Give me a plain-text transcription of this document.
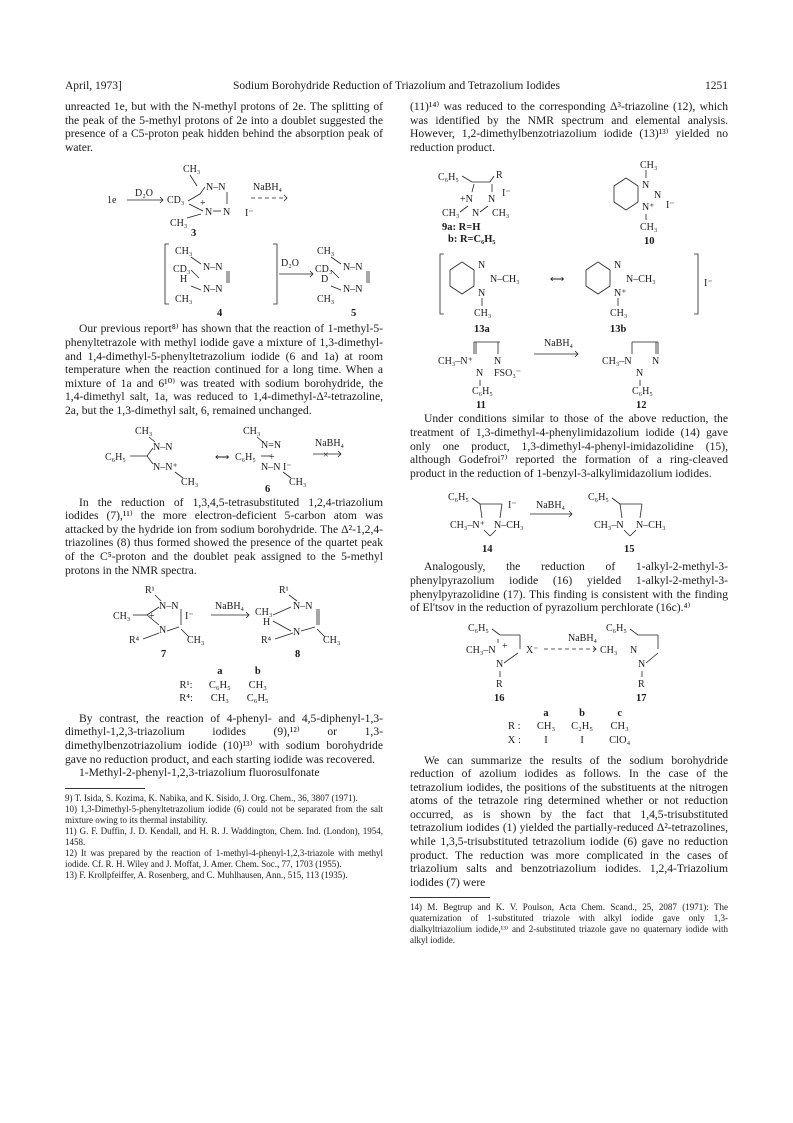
April, 1973]	Sodium Borohydride Reduction of Triazolium and Tetrazolium Iodides	1251

unreacted 1e, but with the N-methyl protons of 2e. The splitting of the peak of the 5-methyl protons of 2e into a doublet suggested the presence of a C5-proton peak hidden behind the absorption peak of water.

1e
D₂O
CD₃
CH₃
N–N
+
N N
CH₃
I⁻
NaBH₄
3
CH₃
N–N
CD₃
H
N–N
CH₃
D₂O
CH₃
N–N
CD₃
D
N–N
CH₃
4	5

Our previous report⁸⁾ has shown that the reaction of 1-methyl-5-phenyltetrazole with methyl iodide gave a mixture of 1,3-dimethyl- and 1,4-dimethyl-5-phenyltetrazolium iodide (6 and 1a) at room temperature when the reaction continued for a long time. When a mixture of 1a and 6¹⁰⁾ was treated with sodium borohydride, the 1,4-dimethyl salt, 1a, was reduced to 1,4-dimethyl-Δ²-tetrazoline, 2a, but the 1,3-dimethyl salt, 6, remained unchanged.

CH₃
N–N
C₆H₅
N–N⁺
CH₃
⟷
CH₃
N=N
C₆H₅ +
N–N I⁻
CH₃
NaBH₄
×
6

In the reduction of 1,3,4,5-tetrasubstituted 1,2,4-triazolium iodides (7),¹¹⁾ the more electron-deficient 5-carbon atom was attacked by the hydride ion from sodium borohydride. The Δ²-1,2,4-triazolines (8) thus formed showed the presence of the quartet peak of the C⁵-proton and the doublet peak assigned to the 5-methyl protons in the NMR spectra.

R¹
N–N
CH₃ +	I⁻
N
R⁴	CH₃
NaBH₄
R¹
N–N
CH₃
H
N
R⁴	CH₃
7	8
	a	b
R¹:	C₆H₅	CH₃
R⁴:	CH₃	C₆H₅

By contrast, the reaction of 4-phenyl- and 4,5-diphenyl-1,3-dimethyl-1,2,3-triazolium iodides (9),¹²⁾ or 1,3-dimethylbenzotriazolium iodide (10)¹³⁾ with sodium borohydride gave no reduction product, and each starting iodide was recovered.

1-Methyl-2-phenyl-1,2,3-triazolium fluorosulfonate

9) T. Isida, S. Kozima, K. Nabika, and K. Sisido, J. Org. Chem., 36, 3807 (1971).

10) 1,3-Dimethyl-5-phenyltetrazolium iodide (6) could not be separated from the salt mixture owing to its thermal instability.

11) G. F. Duffin, J. D. Kendall, and H. R. J. Waddington, Chem. Ind. (London), 1954, 1458.

12) It was prepared by the reaction of 1-methyl-4-phenyl-1,2,3-triazole with methyl iodide. Cf. R. H. Wiley and J. Moffat, J. Amer. Chem. Soc., 77, 1703 (1955).

13) F. Krollpfeiffer, A. Rosenberg, and C. Muhlhausen, Ann., 515, 113 (1935).

(11)¹⁴⁾ was reduced to the corresponding Δ³-triazoline (12), which was identified by the NMR spectrum and elemental analysis. However, 1,2-dimethylbenzotriazolium iodide (13)¹³⁾ yielded no reduction product.

C₆H₅	R
+N N
I⁻
CH₃ N CH₃
9a: R=H
b: R=C₆H₅
CH₃
N
N
N⁺ I⁻
CH₃
10
N
N–CH₃
N
CH₃
⟷
N
N–CH₃
N⁺
CH₃
I⁻
13a	13b
CH₃–N⁺ N
N FSO₃⁻
C₆H₅
NaBH₄
CH₃–N N
N
C₆H₅
11	12

Under conditions similar to those of the above reduction, the treatment of 1,3-dimethyl-4-phenylimidazolium iodide (14) gave only one product, 1,3-dimethyl-4-phenyl-imidazolidine (15), although Godefroi⁷⁾ reported the formation of a ring-cleaved product in the reduction of 1-benzyl-3-alkylimidazolium iodides.

C₆H₅
I⁻
CH₃–N⁺ N–CH₃
NaBH₄
C₆H₅
CH₃–N N–CH₃
14	15

Analogously, the reduction of 1-alkyl-2-methyl-3-phenylpyrazolium iodide (16) yielded 1-alkyl-2-methyl-3-phenylpyrazolidine (17). This finding is consistent with the finding of El'tsov in the reduction of pyrazolium perchlorate (16c).⁴⁾

C₆H₅
CH₃–N + X⁻
N
R
NaBH₄
C₆H₅
CH₃ N
N
R
16	17
	a	b	c
R :	CH₃	C₂H₅	CH₃
X :	I	I	ClO₄

We can summarize the results of the sodium borohydride reduction of azolium iodides as follows. In the case of the tetrazolium iodides, the positions of the substituents at the nitrogen atoms of the tetrazole ring determined whether or not reduction occurred, as is shown by the fact that 1,4,5-trisubstituted tetrazolium iodides (1) yielded the partially-reduced Δ²-tetrazolines, while 1,3,5-trisubstituted tetrazolium iodide (6) gave no reduction product. The reduction was more complicated in the cases of triazolium salts and benzotriazolium iodides. 1,2,4-Triazolium iodides (7) were

14) M. Begtrup and K. V. Poulson, Acta Chem. Scand., 25, 2087 (1971): The quaternization of 1-substituted triazole with alkyl iodide gave only 1,3-dialkyltriazolium iodide,¹³⁾ and 2-substituted triazole gave no quaternary iodide with alkyl iodide.
